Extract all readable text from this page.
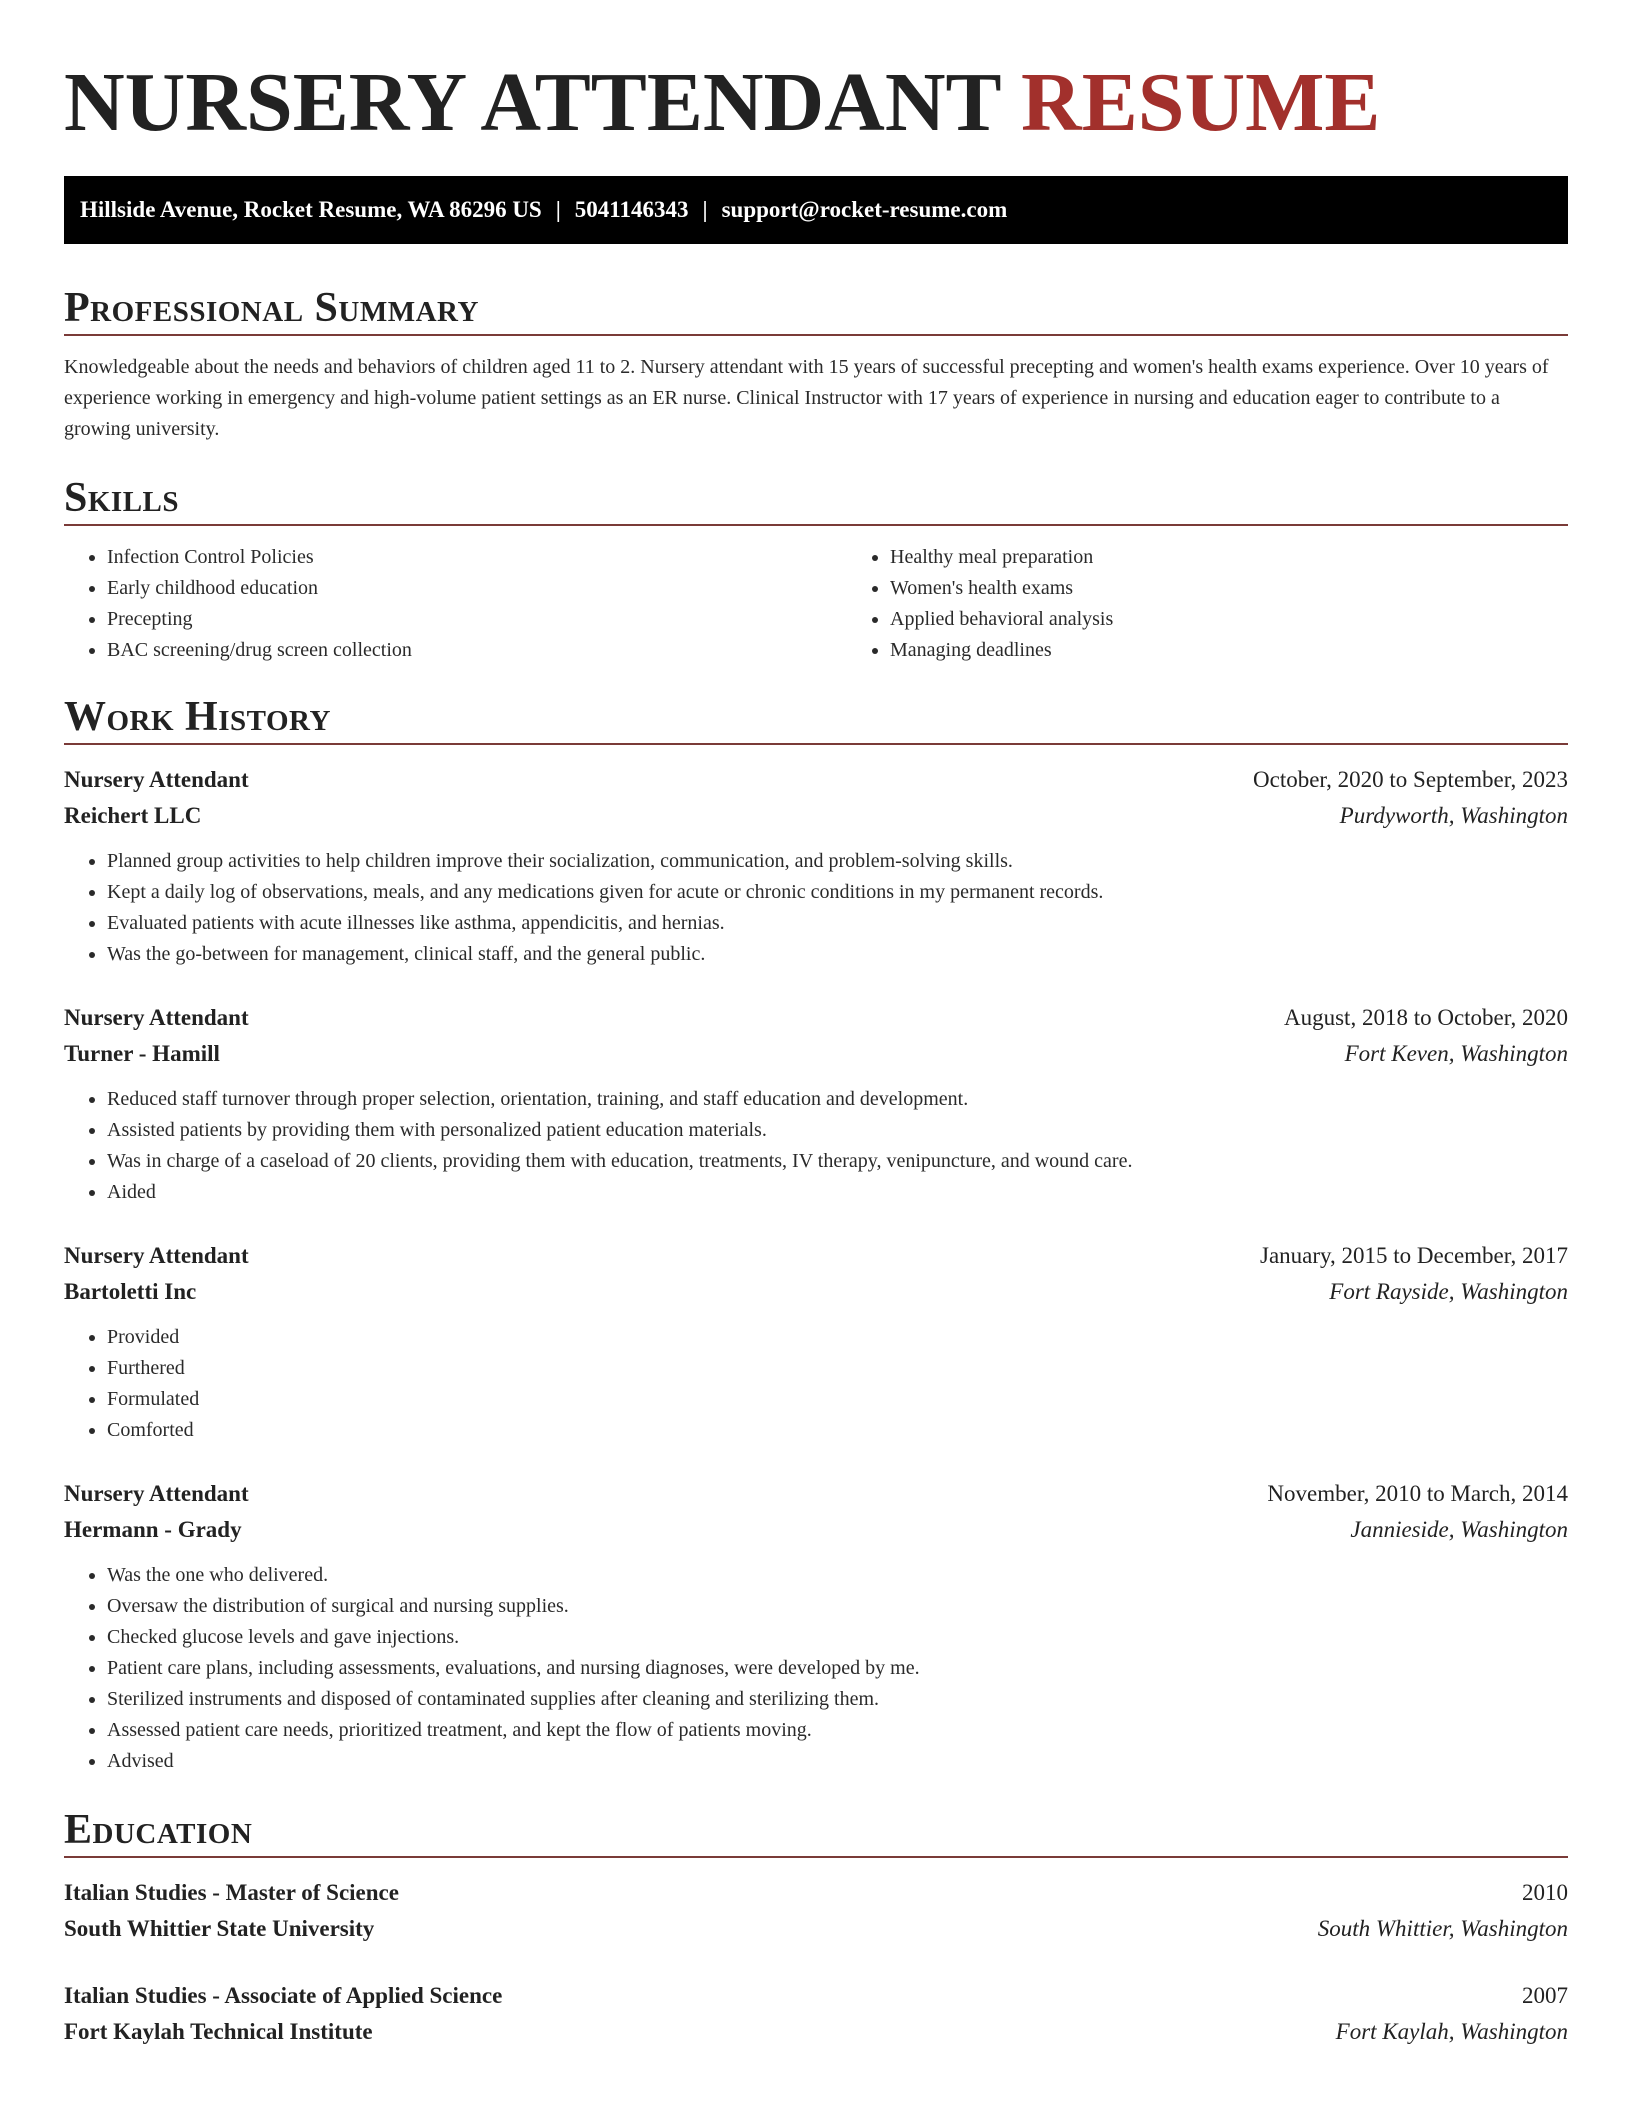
NURSERY ATTENDANT RESUME
Hillside Avenue, Rocket Resume, WA 86296 US | 5041146343 | support@rocket-resume.com
Professional Summary
Knowledgeable about the needs and behaviors of children aged 11 to 2. Nursery attendant with 15 years of successful precepting and women's health exams experience. Over 10 years of experience working in emergency and high-volume patient settings as an ER nurse. Clinical Instructor with 17 years of experience in nursing and education eager to contribute to a growing university.
Skills
• Infection Control Policies
• Early childhood education
• Precepting
• BAC screening/drug screen collection
• Healthy meal preparation
• Women's health exams
• Applied behavioral analysis
• Managing deadlines
Work History
Nursery Attendant	October, 2020 to September, 2023
Reichert LLC	Purdyworth, Washington
• Planned group activities to help children improve their socialization, communication, and problem-solving skills.
• Kept a daily log of observations, meals, and any medications given for acute or chronic conditions in my permanent records.
• Evaluated patients with acute illnesses like asthma, appendicitis, and hernias.
• Was the go-between for management, clinical staff, and the general public.
Nursery Attendant	August, 2018 to October, 2020
Turner - Hamill	Fort Keven, Washington
• Reduced staff turnover through proper selection, orientation, training, and staff education and development.
• Assisted patients by providing them with personalized patient education materials.
• Was in charge of a caseload of 20 clients, providing them with education, treatments, IV therapy, venipuncture, and wound care.
• Aided
Nursery Attendant	January, 2015 to December, 2017
Bartoletti Inc	Fort Rayside, Washington
• Provided
• Furthered
• Formulated
• Comforted
Nursery Attendant	November, 2010 to March, 2014
Hermann - Grady	Jannieside, Washington
• Was the one who delivered.
• Oversaw the distribution of surgical and nursing supplies.
• Checked glucose levels and gave injections.
• Patient care plans, including assessments, evaluations, and nursing diagnoses, were developed by me.
• Sterilized instruments and disposed of contaminated supplies after cleaning and sterilizing them.
• Assessed patient care needs, prioritized treatment, and kept the flow of patients moving.
• Advised
Education
Italian Studies - Master of Science	2010
South Whittier State University	South Whittier, Washington
Italian Studies - Associate of Applied Science	2007
Fort Kaylah Technical Institute	Fort Kaylah, Washington
